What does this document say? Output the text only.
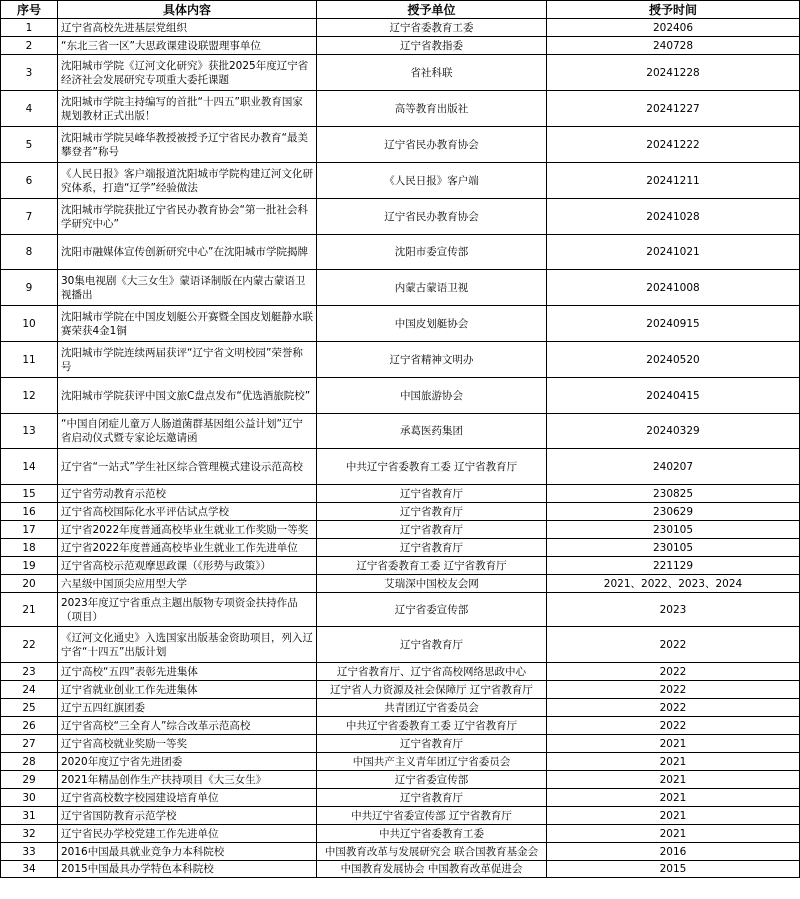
序号	具体内容	授予单位	授予时间
1	辽宁省高校先进基层党组织	辽宁省委教育工委	202406
2	“东北三省一区”大思政课建设联盟理事单位	辽宁省教指委	240728
3	沈阳城市学院《辽河文化研究》获批2025年度辽宁省经济社会发展研究专项重大委托课题	省社科联	20241228
4	沈阳城市学院主持编写的首批“十四五”职业教育国家规划教材正式出版！	高等教育出版社	20241227
5	沈阳城市学院吴峰华教授被授予辽宁省民办教育“最美攀登者”称号	辽宁省民办教育协会	20241222
6	《人民日报》客户端报道沈阳城市学院构建辽河文化研究体系，打造“辽学”经验做法	《人民日报》客户端	20241211
7	沈阳城市学院获批辽宁省民办教育协会“第一批社会科学研究中心”	辽宁省民办教育协会	20241028
8	沈阳市融媒体宣传创新研究中心”在沈阳城市学院揭牌	沈阳市委宣传部	20241021
9	30集电视剧《大三女生》蒙语译制版在内蒙古蒙语卫视播出	内蒙古蒙语卫视	20241008
10	沈阳城市学院在中国皮划艇公开赛暨全国皮划艇静水联赛荣获4金1铜	中国皮划艇协会	20240915
11	沈阳城市学院连续两届获评“辽宁省文明校园”荣誉称号	辽宁省精神文明办	20240520
12	沈阳城市学院获评中国文旅C盘点发布“优选酒旅院校”	中国旅游协会	20240415
13	“中国自闭症儿童万人肠道菌群基因组公益计划”辽宁省启动仪式暨专家论坛邀请函	承葛医药集团	20240329
14	辽宁省“一站式”学生社区综合管理模式建设示范高校	中共辽宁省委教育工委 辽宁省教育厅	240207
15	辽宁省劳动教育示范校	辽宁省教育厅	230825
16	辽宁省高校国际化水平评估试点学校	辽宁省教育厅	230629
17	辽宁省2022年度普通高校毕业生就业工作奖励一等奖	辽宁省教育厅	230105
18	辽宁省2022年度普通高校毕业生就业工作先进单位	辽宁省教育厅	230105
19	辽宁省高校示范观摩思政课（《形势与政策》）	辽宁省委教育工委 辽宁省教育厅	221129
20	六星级中国顶尖应用型大学	艾瑞深中国校友会网	2021、2022、2023、2024
21	2023年度辽宁省重点主题出版物专项资金扶持作品（项目）	辽宁省委宣传部	2023
22	《辽河文化通史》入选国家出版基金资助项目，列入辽宁省“十四五”出版计划	辽宁省教育厅	2022
23	辽宁高校“五四”表彰先进集体	辽宁省教育厅、辽宁省高校网络思政中心	2022
24	辽宁省就业创业工作先进集体	辽宁省人力资源及社会保障厅 辽宁省教育厅	2022
25	辽宁五四红旗团委	共青团辽宁省委员会	2022
26	辽宁省高校“三全育人”综合改革示范高校	中共辽宁省委教育工委 辽宁省教育厅	2022
27	辽宁省高校就业奖励一等奖	辽宁省教育厅	2021
28	2020年度辽宁省先进团委	中国共产主义青年团辽宁省委员会	2021
29	2021年精品创作生产扶持项目《大三女生》	辽宁省委宣传部	2021
30	辽宁省高校数字校园建设培育单位	辽宁省教育厅	2021
31	辽宁省国防教育示范学校	中共辽宁省委宣传部 辽宁省教育厅	2021
32	辽宁省民办学校党建工作先进单位	中共辽宁省委教育工委	2021
33	2016中国最具就业竞争力本科院校	中国教育改革与发展研究会 联合国教育基金会	2016
34	2015中国最具办学特色本科院校	中国教育发展协会 中国教育改革促进会	2015
